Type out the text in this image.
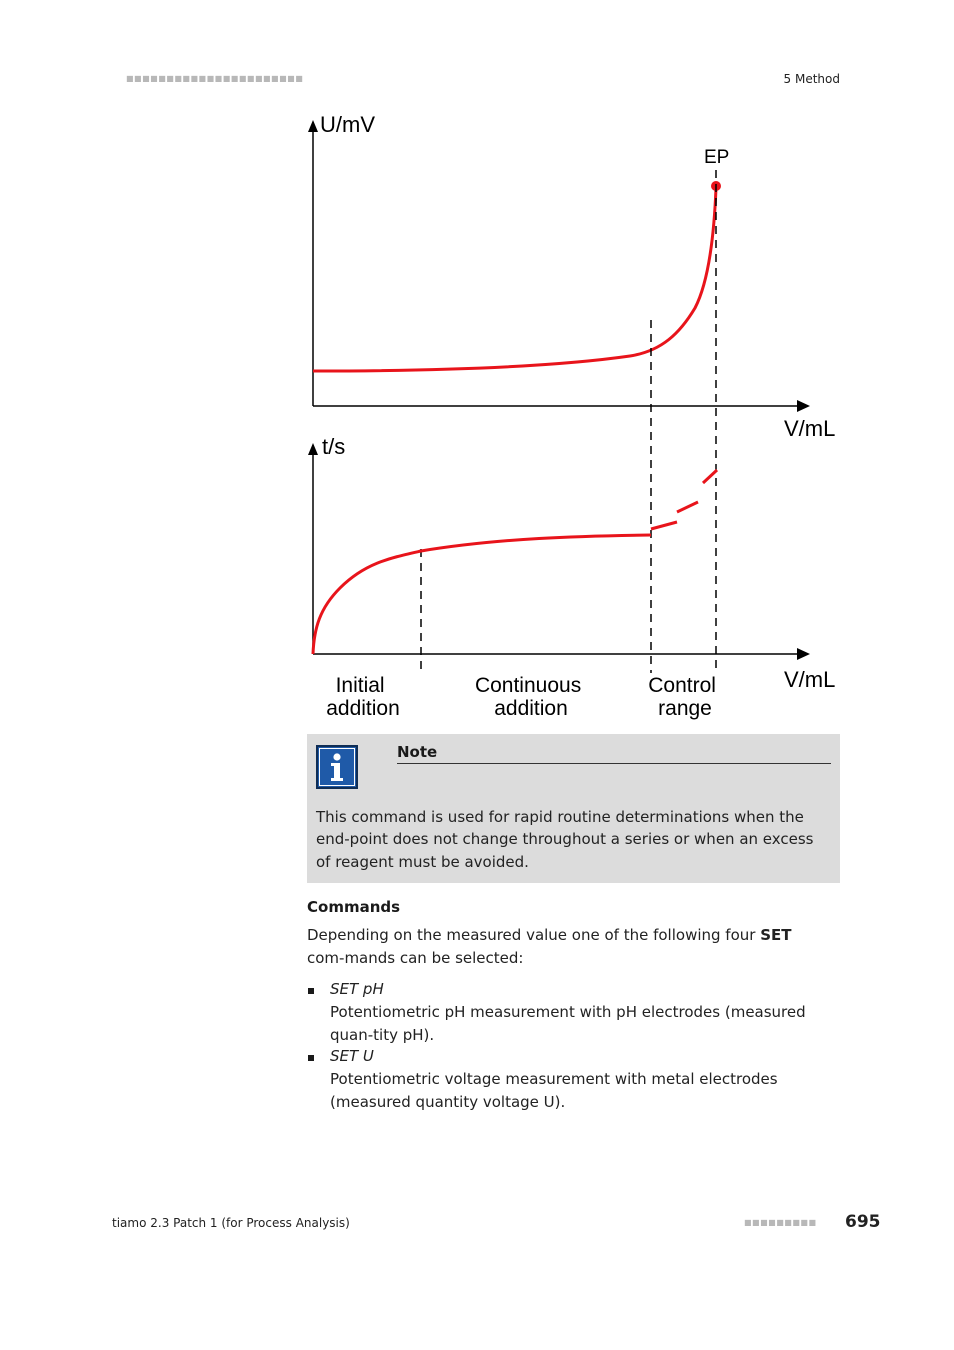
■■■■■■■■■■■■■■■■■■■■■■	5 Method
U/mV
V/mL
EP
t/s
V/mL
Initial addition
Continuous addition
Control range
Note
This command is used for rapid routine determinations when the end-point does not change throughout a series or when an excess of reagent must be avoided.
Commands
Depending on the measured value one of the following four SET com-mands can be selected:
SET pH
Potentiometric pH measurement with pH electrodes (measured quan-tity pH).
SET U
Potentiometric voltage measurement with metal electrodes (measured quantity voltage U).
tiamo 2.3 Patch 1 (for Process Analysis)	■■■■■■■■■ 695
